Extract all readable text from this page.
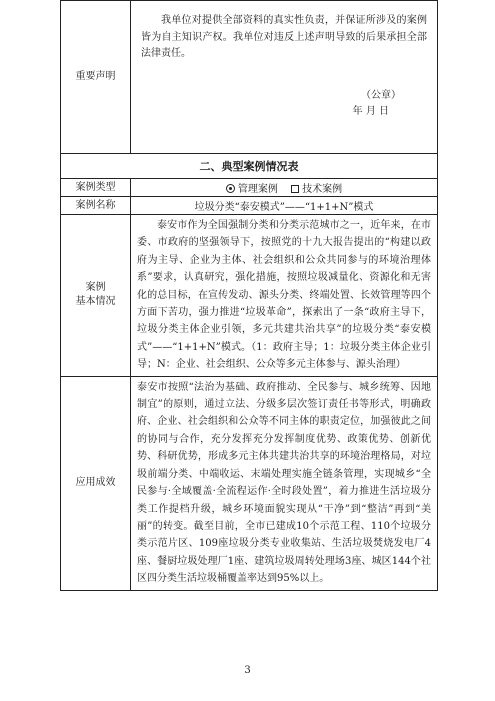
重要声明	我单位对提供全部资料的真实性负责，并保证所涉及的案例皆为自主知识产权。我单位对违反上述声明导致的后果承担全部法律责任。

（公章）
年 月 日

二、典型案例情况表	
案例类型	管理案例 技术案例
案例名称	垃圾分类“泰安模式”——“1+1+N”模式

案例
基本情况	泰安市作为全国强制分类和分类示范城市之一，近年来，在市委、市政府的坚强领导下，按照党的十九大报告提出的“构建以政府为主导、企业为主体、社会组织和公众共同参与的环境治理体系”要求，认真研究，强化措施，按照垃圾减量化、资源化和无害化的总目标，在宣传发动、源头分类、终端处置、长效管理等四个方面下苦功，强力推进“垃圾革命”，探索出了一条“政府主导下，垃圾分类主体企业引领，多元共建共治共享”的垃圾分类“泰安模式”——“1+1+N”模式。（1：政府主导；1：垃圾分类主体企业引导；N：企业、社会组织、公众等多元主体参与、源头治理）
应用成效	泰安市按照“法治为基础、政府推动、全民参与、城乡统筹、因地制宜”的原则，通过立法、分级多层次签订责任书等形式，明确政府、企业、社会组织和公众等不同主体的职责定位，加强彼此之间的协同与合作，充分发挥充分发挥制度优势、政策优势、创新优势、科研优势，形成多元主体共建共治共享的环境治理格局，对垃圾前端分类、中端收运、末端处理实施全链条管理，实现城乡“全民参与·全域覆盖·全流程运作·全时段处置”，着力推进生活垃圾分类工作提档升级，城乡环境面貌实现从“干净”到“整洁”再到“美丽”的转变。截至目前，全市已建成10个示范工程、110个垃圾分类示范片区、109座垃圾分类专业收集站、生活垃圾焚烧发电厂4座、餐厨垃圾处理厂1座、建筑垃圾周转处理场3座、城区144个社区四分类生活垃圾桶覆盖率达到95%以上。
3
